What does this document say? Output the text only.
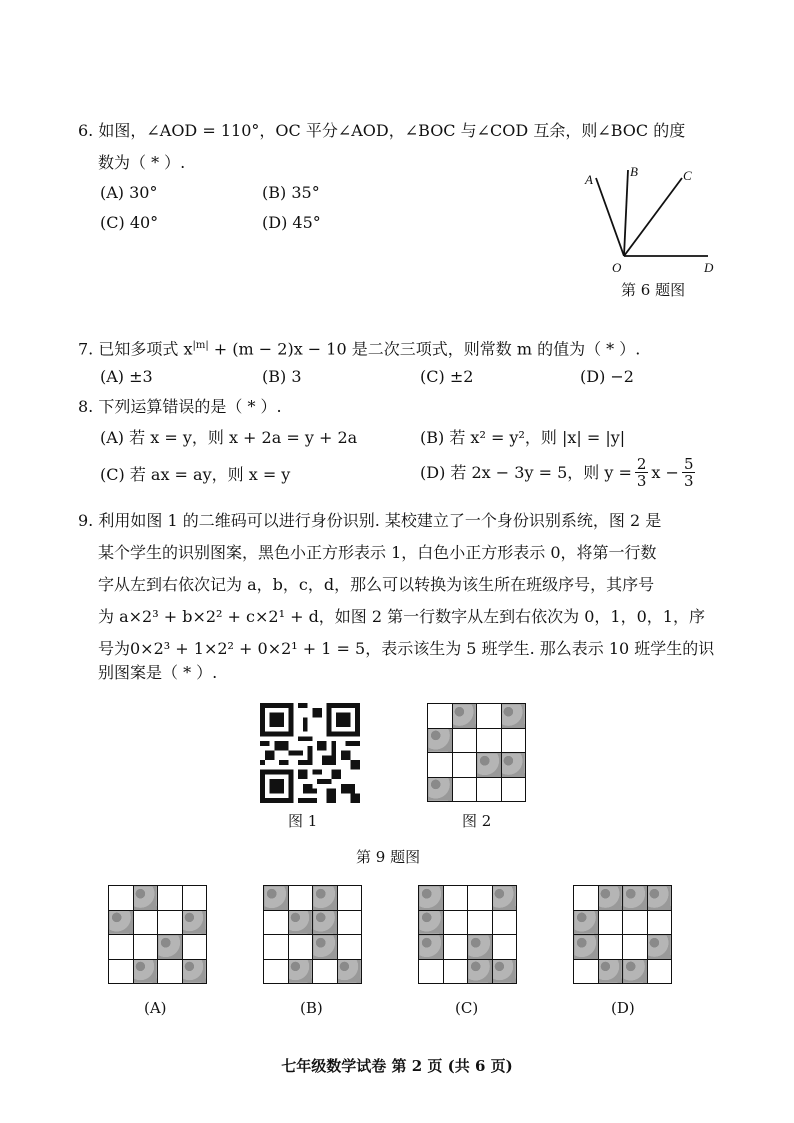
6. 如图，∠AOD = 110°，OC 平分∠AOD，∠BOC 与∠COD 互余，则∠BOC 的度
数为（ * ）.
(A) 30°	(B) 35°
(C) 40°	(D) 45°
A
B	C
O	D
第 6 题图
7. 已知多项式 $x^{|m|} + (m - 2)x - 10$ 是二次三项式，则常数 m 的值为（ * ）.
(A) ±3	(B) 3	(C) ±2	(D) −2
8. 下列运算错误的是（ * ）.
(A) 若 x = y，则 x + 2a = y + 2a	(B) 若 x² = y²，则 |x| = |y|
(C) 若 ax = ay，则 x = y	(D) 若 2x − 3y = 5，则 $y = \frac{2}{3}$ $x - \frac{5}{3}$
9. 利用如图 1 的二维码可以进行身份识别. 某校建立了一个身份识别系统，图 2 是
某个学生的识别图案，黑色小正方形表示 1，白色小正方形表示 0，将第一行数
字从左到右依次记为 a，b，c，d，那么可以转换为该生所在班级序号，其序号
为 a×2³ + b×2² + c×2¹ + d，如图 2 第一行数字从左到右依次为 0，1，0，1，序
号为0×2³ + 1×2² + 0×2¹ + 1 = 5，表示该生为 5 班学生. 那么表示 10 班学生的识
别图案是（ * ）.
图 1

				图 2
第 9 题图

(A)	(B)	(C)	(D)
七年级数学试卷 第 2 页 (共 6 页)
